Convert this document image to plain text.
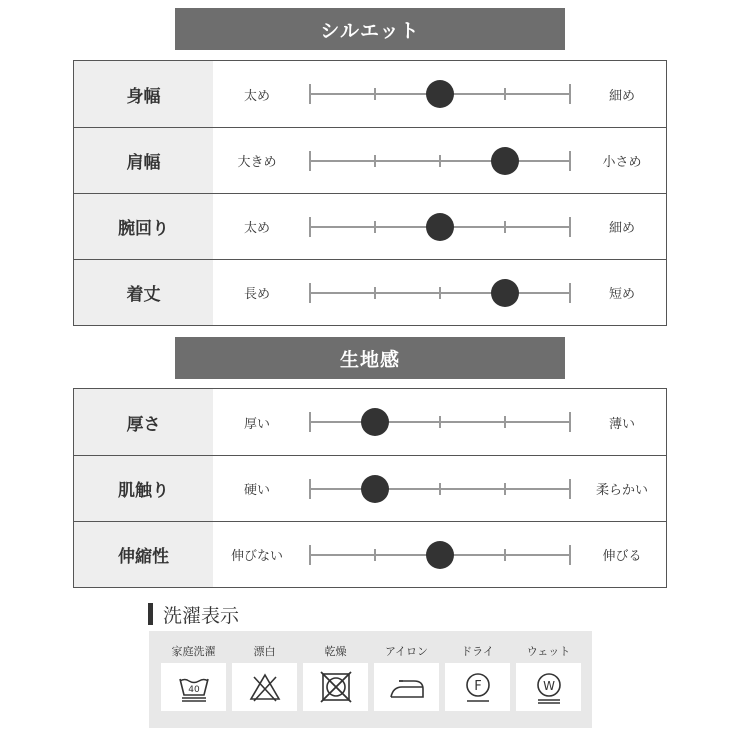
シルエット
身幅	太め	細め
肩幅	大きめ	小さめ
腕回り	太め	細め
着丈	長め	短め
生地感
厚さ	厚い	薄い
肌触り	硬い	柔らかい
伸縮性	伸びない	伸びる
洗濯表示
家庭洗濯
40
漂白	乾燥	アイロン	ドライ
F
ウェット
W
